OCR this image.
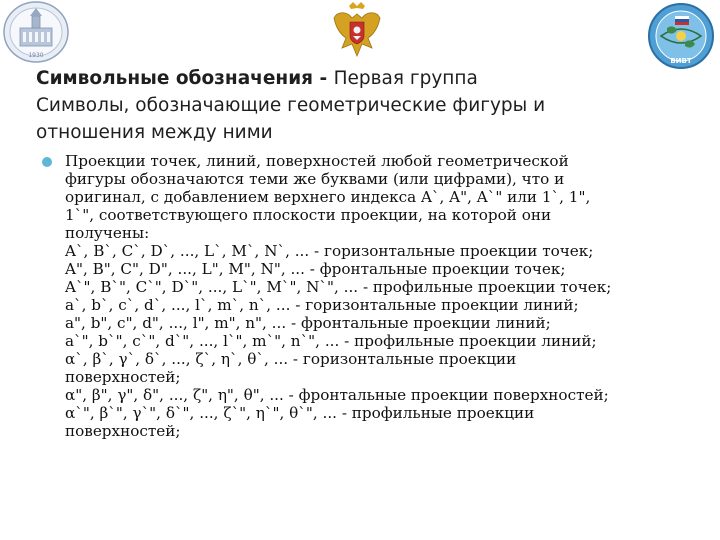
1930
ВИВТ
Символьные обозначения - Первая группа
Символы, обозначающие геометрические фигуры и
отношения между ними
Проекции точек, линий, поверхностей любой геометрической
фигуры обозначаются теми же буквами (или цифрами), что и
оригинал, с добавлением верхнего индекса A`, A", A`" или 1`, 1",
1`", соответствующего плоскости проекции, на которой они
получены:
A`, B`, C`, D`, ..., L`, M`, N`, ... - горизонтальные проекции точек;
A", B", C", D", ..., L", M", N", ... - фронтальные проекции точек;
A`", B`", C`", D`", ..., L`", M`", N`", ... - профильные проекции точек;
a`, b`, c`, d`, ..., l`, m`, n`, ... - горизонтальные проекции линий;
a", b", c", d", ..., l", m", n", ... - фронтальные проекции линий;
a`", b`", c`", d`", ..., l`", m`", n`", ... - профильные проекции линий;
α`, β`, γ`, δ`, ..., ζ`, η`, θ`, ... - горизонтальные проекции
поверхностей;
α", β", γ", δ", ..., ζ", η", θ", ... - фронтальные проекции поверхностей;
α`", β`", γ`", δ`", ..., ζ`", η`", θ`", ... - профильные проекции
поверхностей;
